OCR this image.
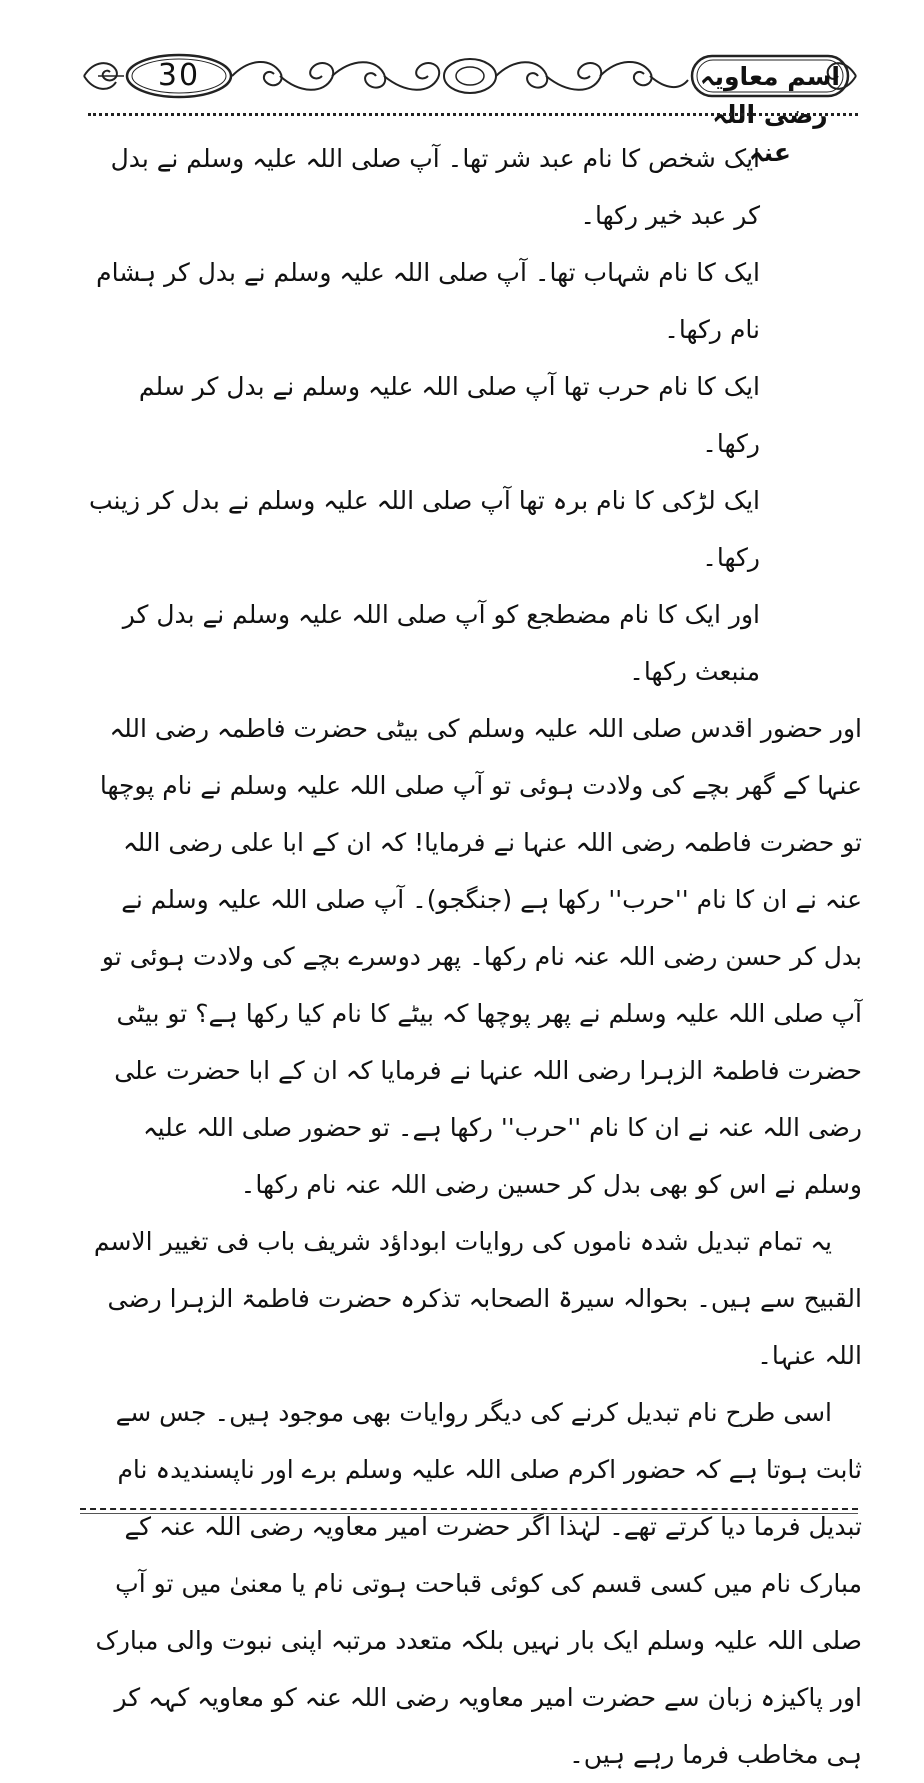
30	اسم معاویہ رضی اللہ عنہ

ایک شخص کا نام عبد شر تھا۔ آپ صلی اللہ علیہ وسلم نے بدل کر عبد خیر رکھا۔

ایک کا نام شہاب تھا۔ آپ صلی اللہ علیہ وسلم نے بدل کر ہشام نام رکھا۔

ایک کا نام حرب تھا آپ صلی اللہ علیہ وسلم نے بدل کر سلم رکھا۔

ایک لڑکی کا نام برہ تھا آپ صلی اللہ علیہ وسلم نے بدل کر زینب رکھا۔

اور ایک کا نام مضطجع کو آپ صلی اللہ علیہ وسلم نے بدل کر منبعث رکھا۔

اور حضور اقدس صلی اللہ علیہ وسلم کی بیٹی حضرت فاطمہ رضی اللہ عنہا کے گھر بچے کی ولادت ہوئی تو آپ صلی اللہ علیہ وسلم نے نام پوچھا تو حضرت فاطمہ رضی اللہ عنہا نے فرمایا! کہ ان کے ابا علی رضی اللہ عنہ نے ان کا نام ''حرب'' رکھا ہے (جنگجو)۔ آپ صلی اللہ علیہ وسلم نے بدل کر حسن رضی اللہ عنہ نام رکھا۔ پھر دوسرے بچے کی ولادت ہوئی تو آپ صلی اللہ علیہ وسلم نے پھر پوچھا کہ بیٹے کا نام کیا رکھا ہے؟ تو بیٹی حضرت فاطمۃ الزہرا رضی اللہ عنہا نے فرمایا کہ ان کے ابا حضرت علی رضی اللہ عنہ نے ان کا نام ''حرب'' رکھا ہے۔ تو حضور صلی اللہ علیہ وسلم نے اس کو بھی بدل کر حسین رضی اللہ عنہ نام رکھا۔

یہ تمام تبدیل شدہ ناموں کی روایات ابوداؤد شریف باب فی تغییر الاسم القبیح سے ہیں۔ بحوالہ سیرۃ الصحابہ تذکرہ حضرت فاطمۃ الزہرا رضی اللہ عنہا۔

اسی طرح نام تبدیل کرنے کی دیگر روایات بھی موجود ہیں۔ جس سے ثابت ہوتا ہے کہ حضور اکرم صلی اللہ علیہ وسلم برے اور ناپسندیدہ نام تبدیل فرما دیا کرتے تھے۔ لہٰذا اگر حضرت امیر معاویہ رضی اللہ عنہ کے مبارک نام میں کسی قسم کی کوئی قباحت ہوتی نام یا معنیٰ میں تو آپ صلی اللہ علیہ وسلم ایک بار نہیں بلکہ متعدد مرتبہ اپنی نبوت والی مبارک اور پاکیزہ زبان سے حضرت امیر معاویہ رضی اللہ عنہ کو معاویہ کہہ کر ہی مخاطب فرما رہے ہیں۔
